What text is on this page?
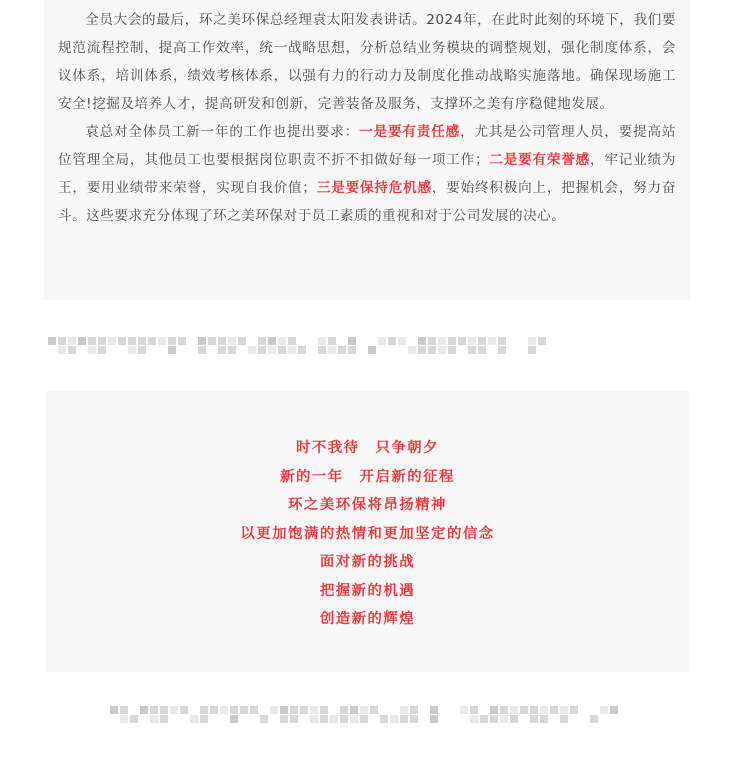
全员大会的最后，环之美环保总经理袁太阳发表讲话。2024年，在此时此刻的环境下，我们要规范流程控制，提高工作效率，统一战略思想，分析总结业务模块的调整规划，强化制度体系，会议体系，培训体系，绩效考核体系，以强有力的行动力及制度化推动战略实施落地。确保现场施工安全!挖掘及培养人才，提高研发和创新，完善装备及服务，支撑环之美有序稳健地发展。

袁总对全体员工新一年的工作也提出要求：一是要有责任感，尤其是公司管理人员，要提高站位管理全局，其他员工也要根据岗位职责不折不扣做好每一项工作；二是要有荣誉感，牢记业绩为王，要用业绩带来荣誉，实现自我价值；三是要保持危机感，要始终积极向上，把握机会，努力奋斗。这些要求充分体现了环之美环保对于员工素质的重视和对于公司发展的决心。

时不我待　只争朝夕
新的一年　开启新的征程
环之美环保将昂扬精神
以更加饱满的热情和更加坚定的信念
面对新的挑战
把握新的机遇
创造新的辉煌
